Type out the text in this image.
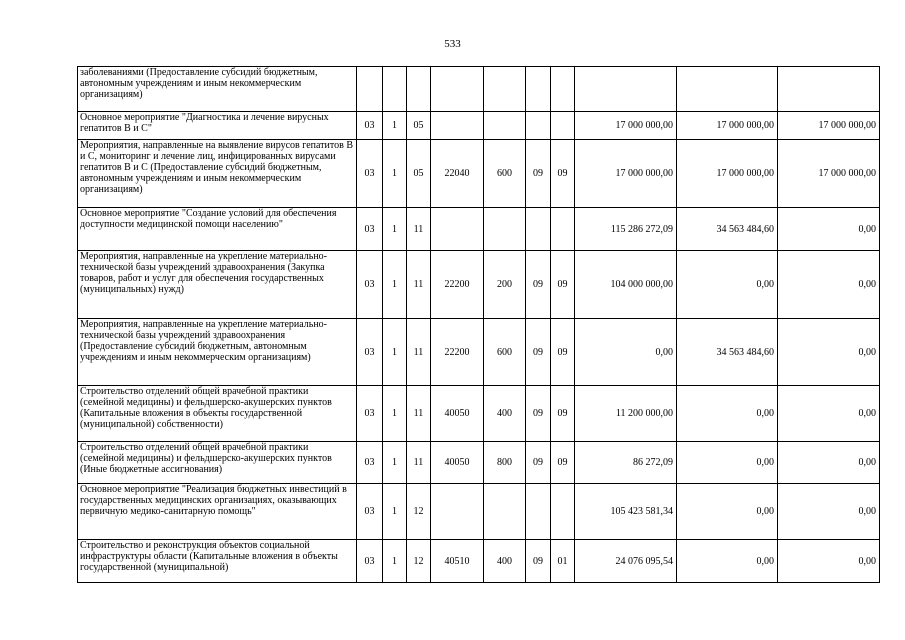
533
заболеваниями (Предоставление субсидий бюджетным, автономным учреждениям и иным некоммерческим организациям)										
Основное мероприятие "Диагностика и лечение вирусных гепатитов В и С"	03	1	05					17 000 000,00	17 000 000,00	17 000 000,00
Мероприятия, направленные на выявление вирусов гепатитов В и С, мониторинг и лечение лиц, инфицированных вирусами гепатитов В и С (Предоставление субсидий бюджетным, автономным учреждениям и иным некоммерческим организациям)	03	1	05	22040	600	09	09	17 000 000,00	17 000 000,00	17 000 000,00
Основное мероприятие "Создание условий для обеспечения доступности медицинской помощи населению"	03	1	11					115 286 272,09	34 563 484,60	0,00
Мероприятия, направленные на укрепление материально-технической базы учреждений здравоохранения (Закупка товаров, работ и услуг для обеспечения государственных (муниципальных) нужд)	03	1	11	22200	200	09	09	104 000 000,00	0,00	0,00
Мероприятия, направленные на укрепление материально-технической базы учреждений здравоохранения (Предоставление субсидий бюджетным, автономным учреждениям и иным некоммерческим организациям)	03	1	11	22200	600	09	09	0,00	34 563 484,60	0,00
Строительство отделений общей врачебной практики (семейной медицины) и фельдшерско-акушерских пунктов (Капитальные вложения в объекты государственной (муниципальной) собственности)	03	1	11	40050	400	09	09	11 200 000,00	0,00	0,00
Строительство отделений общей врачебной практики (семейной медицины) и фельдшерско-акушерских пунктов (Иные бюджетные ассигнования)	03	1	11	40050	800	09	09	86 272,09	0,00	0,00
Основное мероприятие "Реализация бюджетных инвестиций в государственных медицинских организациях, оказывающих первичную медико-санитарную помощь"	03	1	12					105 423 581,34	0,00	0,00
Строительство и реконструкция объектов социальной инфраструктуры области (Капитальные вложения в объекты государственной (муниципальной)	03	1	12	40510	400	09	01	24 076 095,54	0,00	0,00
